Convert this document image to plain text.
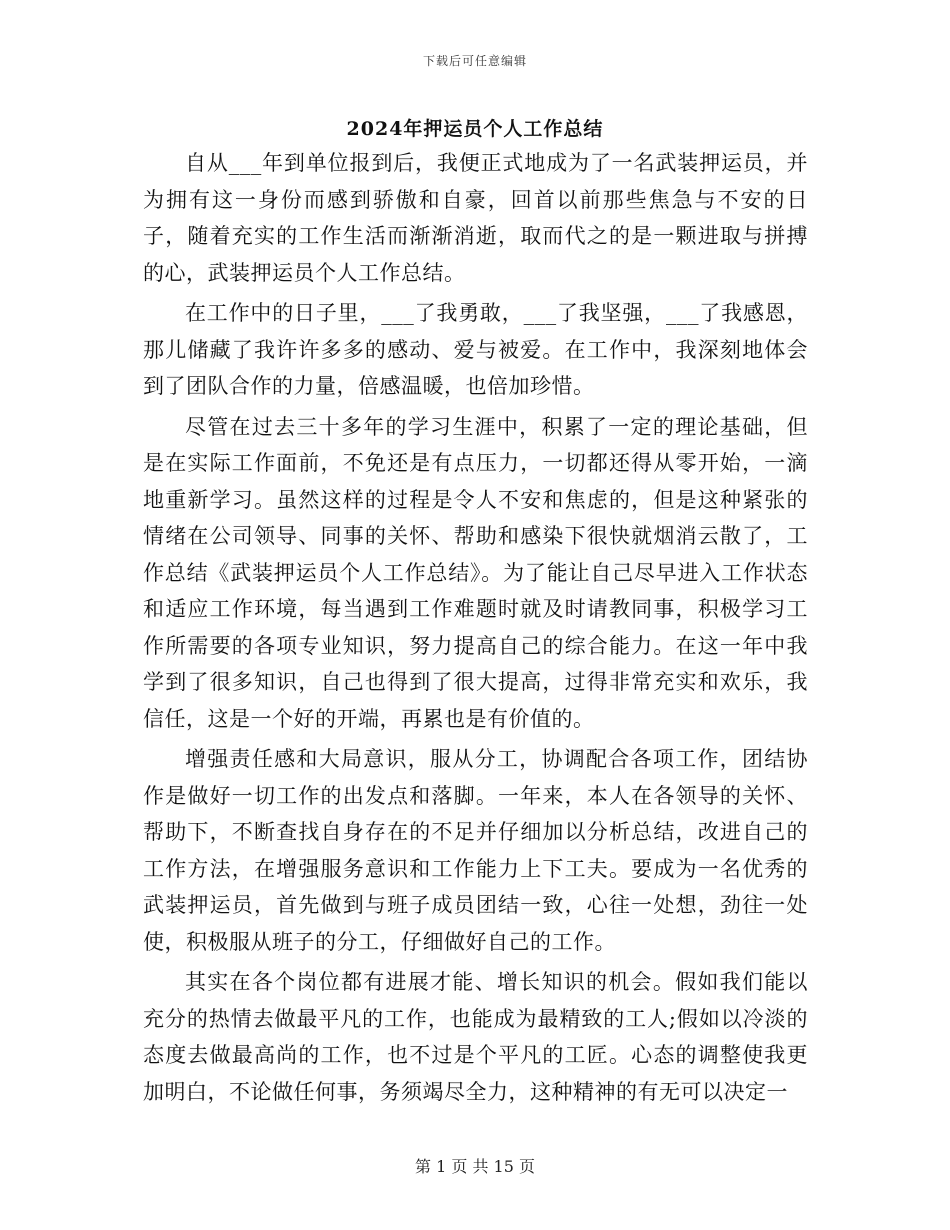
下载后可任意编辑
2024年押运员个人工作总结

自从___年到单位报到后，我便正式地成为了一名武装押运员，并为拥有这一身份而感到骄傲和自豪，回首以前那些焦急与不安的日子，随着充实的工作生活而渐渐消逝，取而代之的是一颗进取与拼搏的心，武装押运员个人工作总结。

在工作中的日子里，___了我勇敢，___了我坚强，___了我感恩，那儿储藏了我许许多多的感动、爱与被爱。在工作中，我深刻地体会到了团队合作的力量，倍感温暖，也倍加珍惜。

尽管在过去三十多年的学习生涯中，积累了一定的理论基础，但是在实际工作面前，不免还是有点压力，一切都还得从零开始，一滴地重新学习。虽然这样的过程是令人不安和焦虑的，但是这种紧张的情绪在公司领导、同事的关怀、帮助和感染下很快就烟消云散了，工作总结《武装押运员个人工作总结》。为了能让自己尽早进入工作状态和适应工作环境，每当遇到工作难题时就及时请教同事，积极学习工作所需要的各项专业知识，努力提高自己的综合能力。在这一年中我学到了很多知识，自己也得到了很大提高，过得非常充实和欢乐，我信任，这是一个好的开端，再累也是有价值的。

增强责任感和大局意识，服从分工，协调配合各项工作，团结协作是做好一切工作的出发点和落脚。一年来，本人在各领导的关怀、帮助下，不断查找自身存在的不足并仔细加以分析总结，改进自己的工作方法，在增强服务意识和工作能力上下工夫。要成为一名优秀的武装押运员，首先做到与班子成员团结一致，心往一处想，劲往一处使，积极服从班子的分工，仔细做好自己的工作。

其实在各个岗位都有进展才能、增长知识的机会。假如我们能以充分的热情去做最平凡的工作，也能成为最精致的工人;假如以冷淡的态度去做最高尚的工作，也不过是个平凡的工匠。心态的调整使我更加明白，不论做任何事，务须竭尽全力，这种精神的有无可以决定一

第 1 页 共 15 页
